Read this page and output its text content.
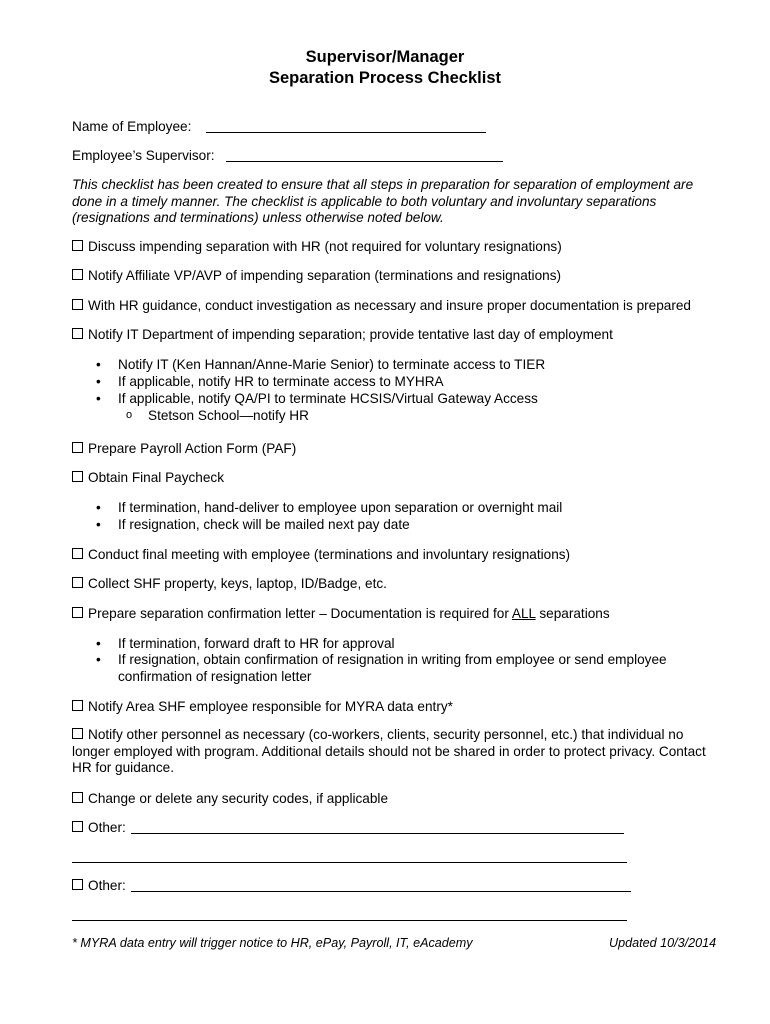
Supervisor/Manager
Separation Process Checklist
Name of Employee:
Employee’s Supervisor:
This checklist has been created to ensure that all steps in preparation for separation of employment are done in a timely manner. The checklist is applicable to both voluntary and involuntary separations (resignations and terminations) unless otherwise noted below.
Discuss impending separation with HR (not required for voluntary resignations)
Notify Affiliate VP/AVP of impending separation (terminations and resignations)
With HR guidance, conduct investigation as necessary and insure proper documentation is prepared
Notify IT Department of impending separation; provide tentative last day of employment
• Notify IT (Ken Hannan/Anne-Marie Senior) to terminate access to TIER
• If applicable, notify HR to terminate access to MYHRA
• If applicable, notify QA/PI to terminate HCSIS/Virtual Gateway Access
o Stetson School—notify HR
Prepare Payroll Action Form (PAF)
Obtain Final Paycheck
• If termination, hand-deliver to employee upon separation or overnight mail
• If resignation, check will be mailed next pay date
Conduct final meeting with employee (terminations and involuntary resignations)
Collect SHF property, keys, laptop, ID/Badge, etc.
Prepare separation confirmation letter – Documentation is required for ALL separations
• If termination, forward draft to HR for approval
• If resignation, obtain confirmation of resignation in writing from employee or send employee confirmation of resignation letter
Notify Area SHF employee responsible for MYRA data entry*
Notify other personnel as necessary (co-workers, clients, security personnel, etc.) that individual no longer employed with program. Additional details should not be shared in order to protect privacy. Contact HR for guidance.
Change or delete any security codes, if applicable
Other:
Other:
* MYRA data entry will trigger notice to HR, ePay, Payroll, IT, eAcademy	Updated 10/3/2014
